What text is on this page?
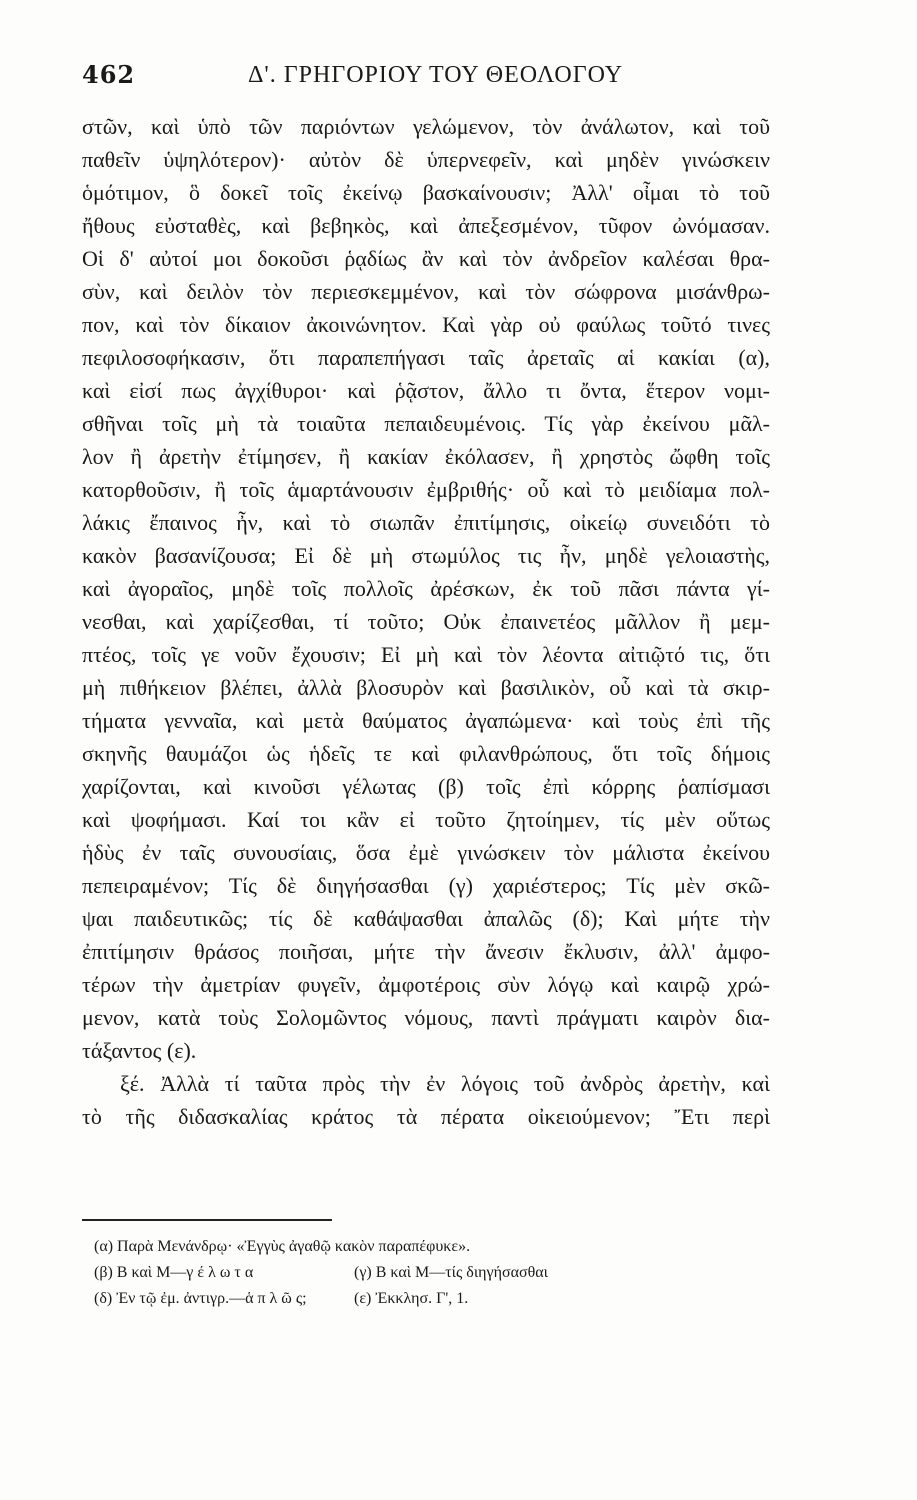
462	Δ'. ΓΡΗΓΟΡΙΟΥ ΤΟΥ ΘΕΟΛΟΓΟΥ
στῶν, καὶ ὑπὸ τῶν παριόντων γελώμενον, τὸν ἀνάλωτον, καὶ τοῦ
παθεῖν ὑψηλότερον)· αὐτὸν δὲ ὑπερνεφεῖν, καὶ μηδὲν γινώσκειν
ὁμότιμον, ὃ δοκεῖ τοῖς ἐκείνῳ βασκαίνουσιν; Ἀλλ' οἶμαι τὸ τοῦ
ἤθους εὐσταθὲς, καὶ βεβηκὸς, καὶ ἀπεξεσμένον, τῦφον ὠνόμασαν.
Οἱ δ' αὐτοί μοι δοκοῦσι ῥᾳδίως ἂν καὶ τὸν ἀνδρεῖον καλέσαι θρα-
σὺν, καὶ δειλὸν τὸν περιεσκεμμένον, καὶ τὸν σώφρονα μισάνθρω-
πον, καὶ τὸν δίκαιον ἀκοινώνητον. Καὶ γὰρ οὐ φαύλως τοῦτό τινες
πεφιλοσοφήκασιν, ὅτι παραπεπήγασι ταῖς ἀρεταῖς αἱ κακίαι (α),
καὶ εἰσί πως ἀγχίθυροι· καὶ ῥᾷστον, ἄλλο τι ὄντα, ἕτερον νομι-
σθῆναι τοῖς μὴ τὰ τοιαῦτα πεπαιδευμένοις. Τίς γὰρ ἐκείνου μᾶλ-
λον ἢ ἀρετὴν ἐτίμησεν, ἢ κακίαν ἐκόλασεν, ἢ χρηστὸς ὤφθη τοῖς
κατορθοῦσιν, ἢ τοῖς ἁμαρτάνουσιν ἐμβριθής· οὗ καὶ τὸ μειδίαμα πολ-
λάκις ἔπαινος ἦν, καὶ τὸ σιωπᾶν ἐπιτίμησις, οἰκείῳ συνειδότι τὸ
κακὸν βασανίζουσα; Εἰ δὲ μὴ στωμύλος τις ἦν, μηδὲ γελοιαστὴς,
καὶ ἀγοραῖος, μηδὲ τοῖς πολλοῖς ἀρέσκων, ἐκ τοῦ πᾶσι πάντα γί-
νεσθαι, καὶ χαρίζεσθαι, τί τοῦτο; Οὐκ ἐπαινετέος μᾶλλον ἢ μεμ-
πτέος, τοῖς γε νοῦν ἔχουσιν; Εἰ μὴ καὶ τὸν λέοντα αἰτιῷτό τις, ὅτι
μὴ πιθήκειον βλέπει, ἀλλὰ βλοσυρὸν καὶ βασιλικὸν, οὗ καὶ τὰ σκιρ-
τήματα γενναῖα, καὶ μετὰ θαύματος ἀγαπώμενα· καὶ τοὺς ἐπὶ τῆς
σκηνῆς θαυμάζοι ὡς ἡδεῖς τε καὶ φιλανθρώπους, ὅτι τοῖς δήμοις
χαρίζονται, καὶ κινοῦσι γέλωτας (β) τοῖς ἐπὶ κόρρης ῥαπίσμασι
καὶ ψοφήμασι. Καί τοι κἂν εἰ τοῦτο ζητοίημεν, τίς μὲν οὕτως
ἡδὺς ἐν ταῖς συνουσίαις, ὅσα ἐμὲ γινώσκειν τὸν μάλιστα ἐκείνου
πεπειραμένον; Τίς δὲ διηγήσασθαι (γ) χαριέστερος; Τίς μὲν σκῶ-
ψαι παιδευτικῶς; τίς δὲ καθάψασθαι ἀπαλῶς (δ); Καὶ μήτε τὴν
ἐπιτίμησιν θράσος ποιῆσαι, μήτε τὴν ἄνεσιν ἔκλυσιν, ἀλλ' ἀμφο-
τέρων τὴν ἀμετρίαν φυγεῖν, ἀμφοτέροις σὺν λόγῳ καὶ καιρῷ χρώ-
μενον, κατὰ τοὺς Σολομῶντος νόμους, παντὶ πράγματι καιρὸν δια-
τάξαντος (ε).
ξέ. Ἀλλὰ τί ταῦτα πρὸς τὴν ἐν λόγοις τοῦ ἀνδρὸς ἀρετὴν, καὶ
τὸ τῆς διδασκαλίας κράτος τὰ πέρατα οἰκειούμενον; Ἔτι περὶ
(α) Παρὰ Μενάνδρῳ· «Ἐγγὺς ἀγαθῷ κακὸν παραπέφυκε».
(β) Β καὶ Μ—γ έ λ ω τ α	(γ) Β καὶ Μ—τίς διηγήσασθαι
(δ) Ἐν τῷ ἐμ. ἀντιγρ.—ἁ π λ ῶ ς;	(ε) Ἐκκλησ. Γ', 1.
